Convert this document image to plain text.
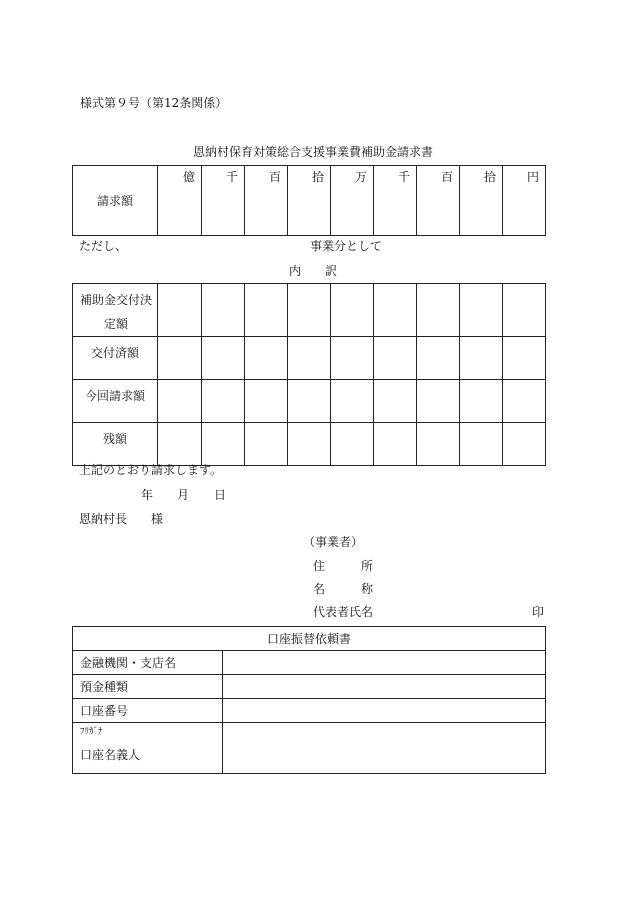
様式第９号（第12条関係）
恩納村保育対策総合支援事業費補助金請求書
請求額	億	千	百	拾	万	千	百	拾	円
ただし、	事業分として
内　　訳
補助金交付決定額									
交付済額									
今回請求額									
残額									
上記のとおり請求します。
年 月 日
恩納村長　　様
（事業者）
住　　　所
名　　　称
代表者氏名	印
口座振替依頼書	
金融機関・支店名	
預金種類	
口座番号	

ﾌﾘｶﾞﾅ
口座名義人	
